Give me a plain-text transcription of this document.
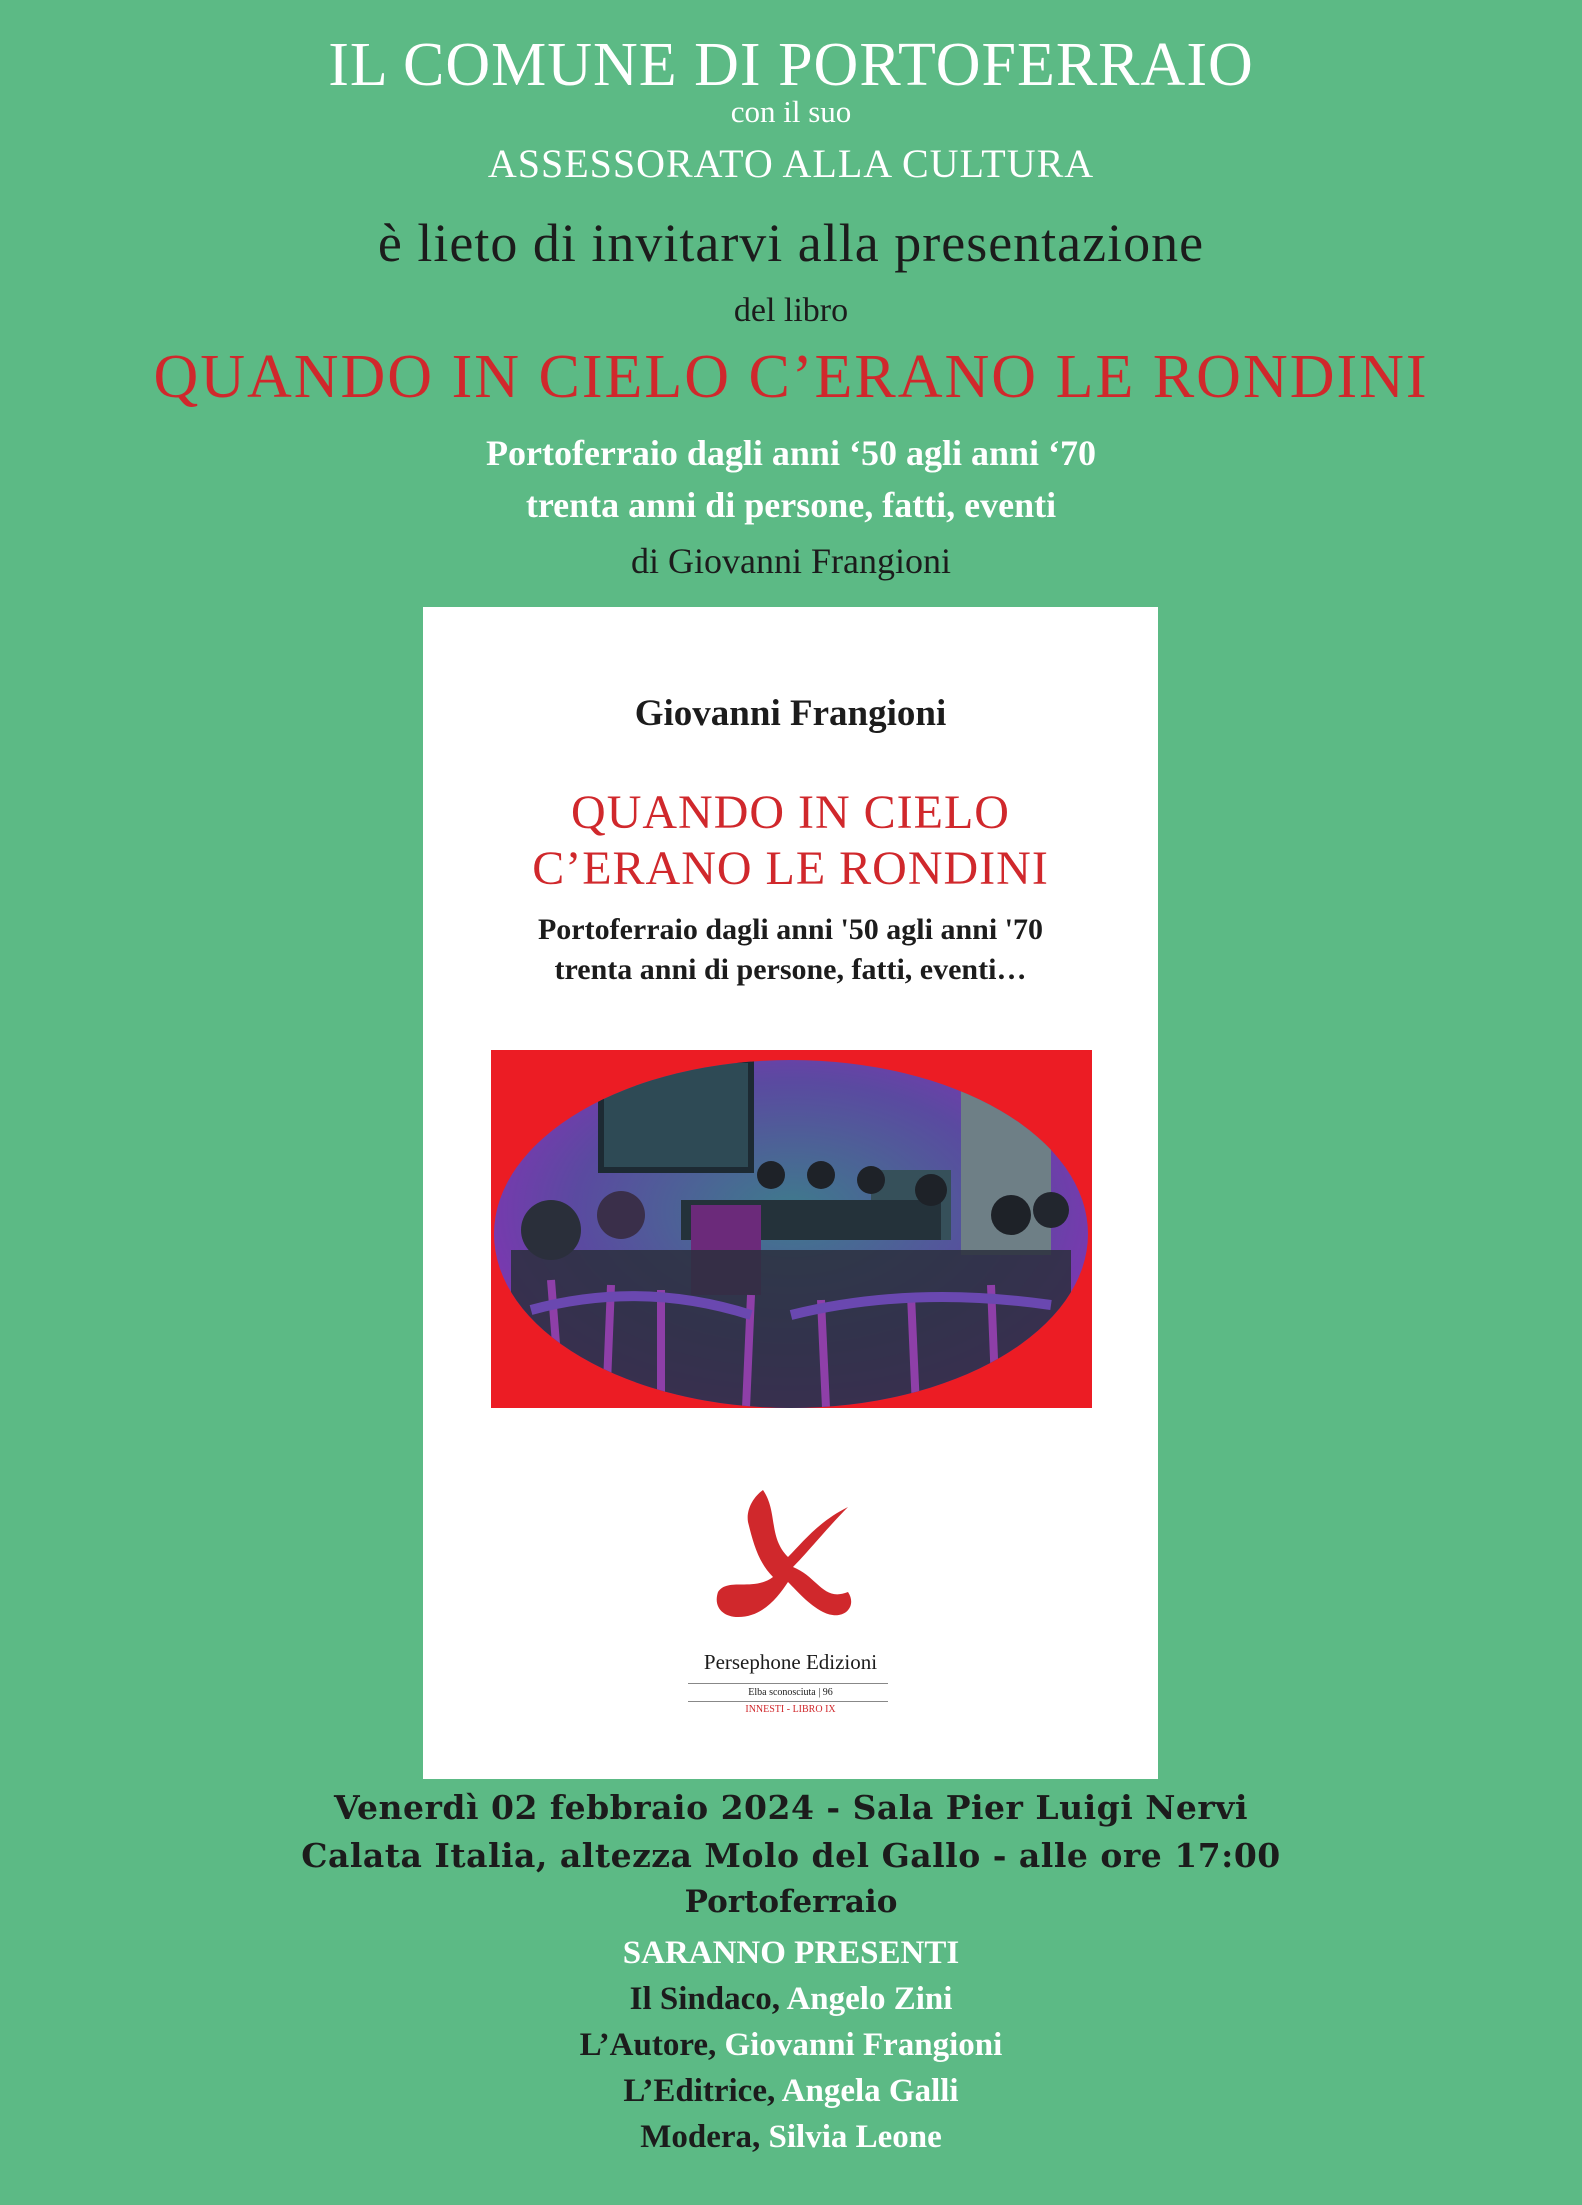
IL COMUNE DI PORTOFERRAIO
con il suo
ASSESSORATO ALLA CULTURA
è lieto di invitarvi alla presentazione
del libro
QUANDO IN CIELO C’ERANO LE RONDINI
Portoferraio dagli anni ‘50 agli anni ‘70
trenta anni di persone, fatti, eventi
di Giovanni Frangioni
Giovanni Frangioni
QUANDO IN CIELO
C’ERANO LE RONDINI
Portoferraio dagli anni '50 agli anni '70
trenta anni di persone, fatti, eventi…
Persephone Edizioni
Elba sconosciuta | 96
INNESTI - LIBRO IX
Venerdì 02 febbraio 2024 - Sala Pier Luigi Nervi
Calata Italia, altezza Molo del Gallo - alle ore 17:00
Portoferraio
SARANNO PRESENTI
Il Sindaco, Angelo Zini
L’Autore, Giovanni Frangioni
L’Editrice, Angela Galli
Modera, Silvia Leone
